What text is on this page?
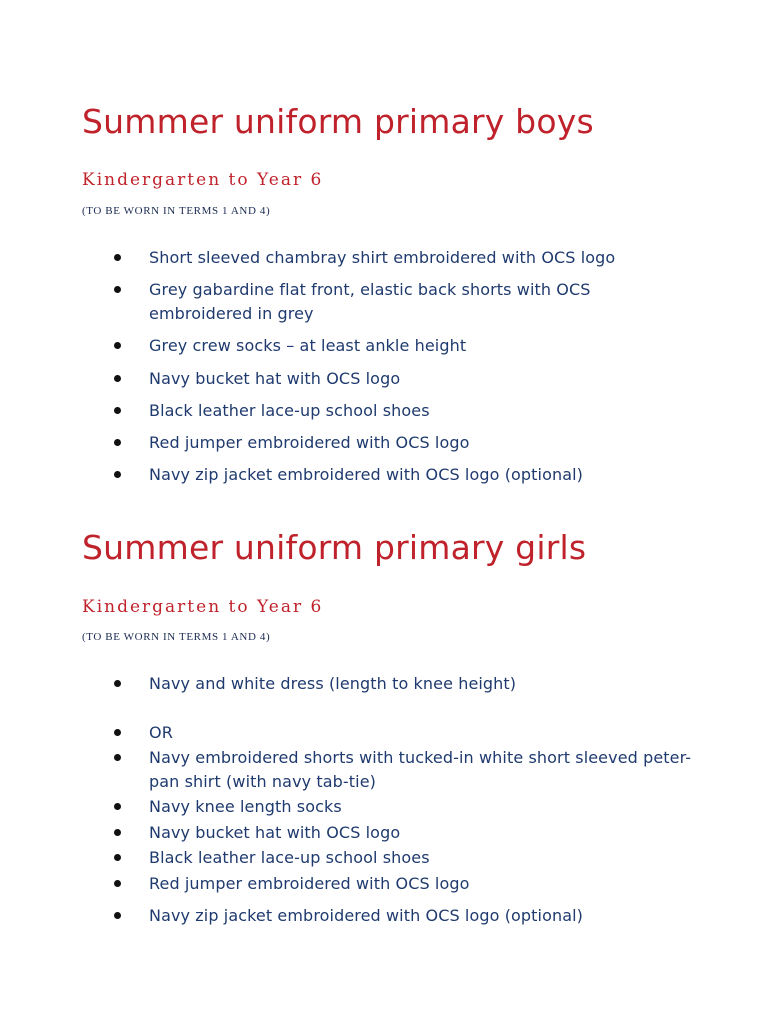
Summer uniform primary boys

Kindergarten to Year 6

(TO BE WORN IN TERMS 1 AND 4)

Short sleeved chambray shirt embroidered with OCS logo
Grey gabardine flat front, elastic back shorts with OCS embroidered in grey
Grey crew socks – at least ankle height
Navy bucket hat with OCS logo
Black leather lace-up school shoes
Red jumper embroidered with OCS logo
Navy zip jacket embroidered with OCS logo (optional)
Summer uniform primary girls

Kindergarten to Year 6

(TO BE WORN IN TERMS 1 AND 4)

Navy and white dress (length to knee height)
OR
Navy embroidered shorts with tucked-in white short sleeved peter-pan shirt (with navy tab-tie)
Navy knee length socks
Navy bucket hat with OCS logo
Black leather lace-up school shoes
Red jumper embroidered with OCS logo
Navy zip jacket embroidered with OCS logo (optional)
